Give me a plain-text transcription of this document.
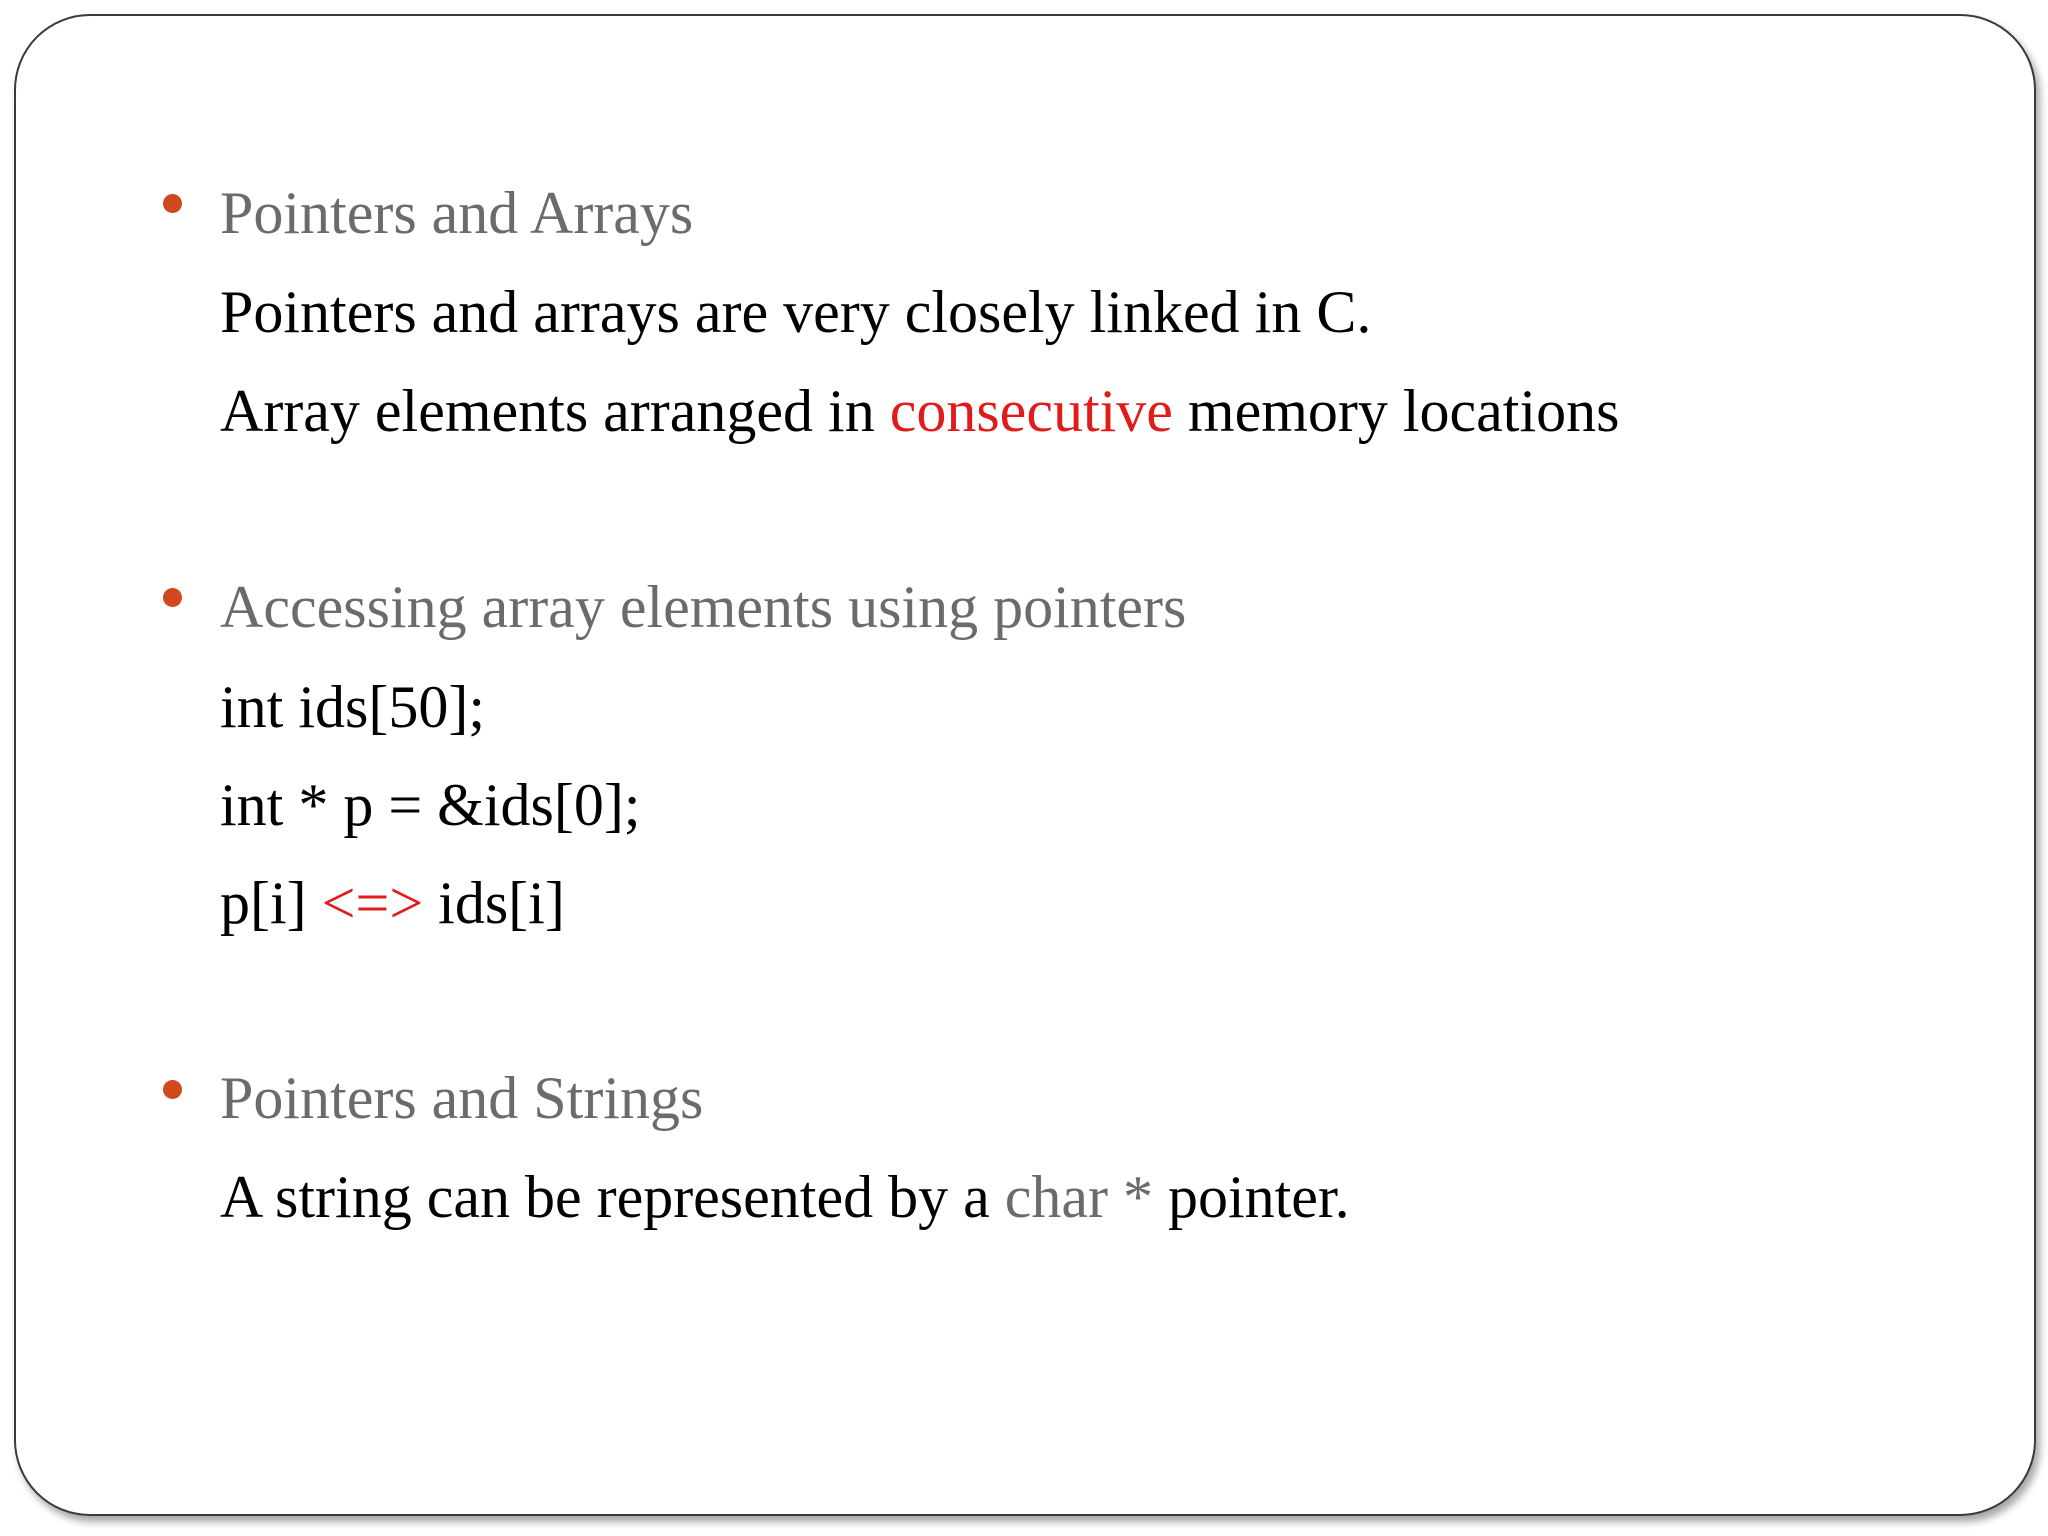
Pointers and Arrays
Pointers and arrays are very closely linked in C.
Array elements arranged in consecutive memory locations
Accessing array elements using pointers
int ids[50];
int * p = &ids[0];
p[i] <=> ids[i]
Pointers and Strings
A string can be represented by a char * pointer.
